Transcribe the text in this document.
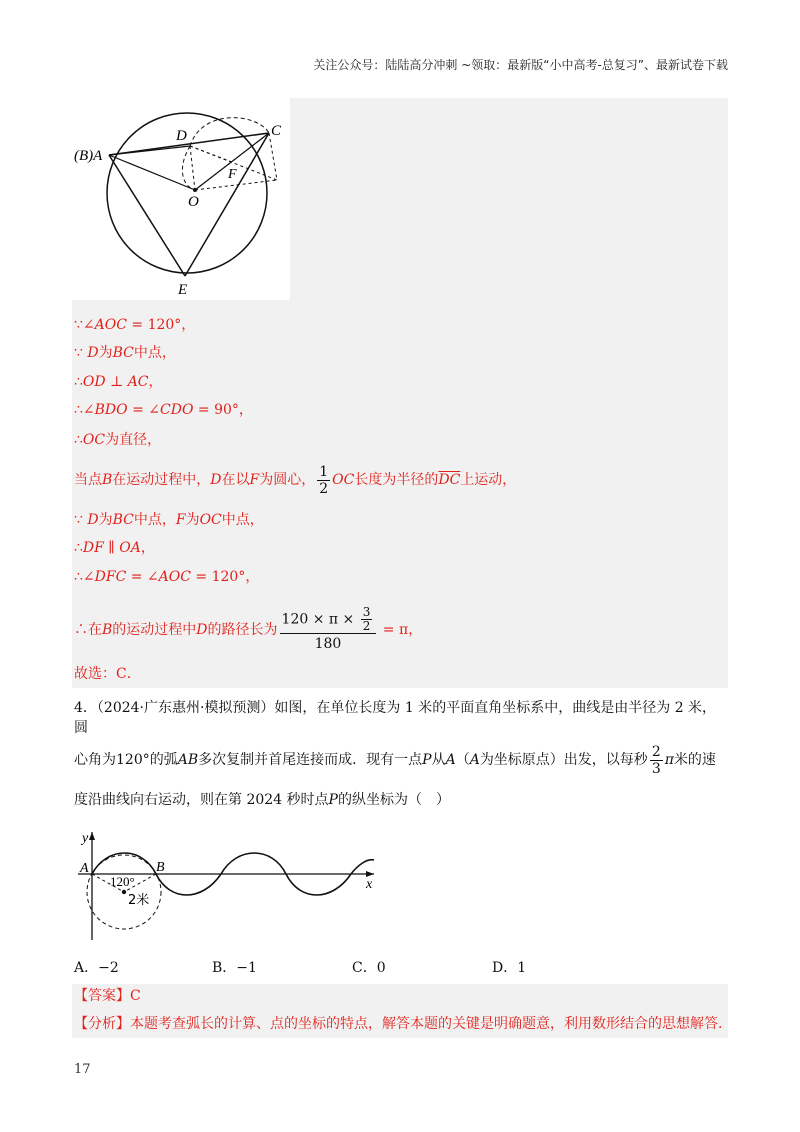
关注公众号：陆陆高分冲刺 ~领取：最新版“小中高考-总复习”、最新试卷下载
(B)A
D	C
F
O
E
∵∠AOC = 120°，
∵ D为BC中点，
∴OD ⊥ AC，
∴∠BDO = ∠CDO = 90°，
∴OC为直径，
当点B在运动过程中，D在以F为圆心， $\frac{1}{2}$ OC长度为半径的$\overline{DC}$上运动，
∵ D为BC中点，F为OC中点，
∴DF ∥ OA，
∴∠DFC = ∠AOC = 120°，
∴在B的运动过程中D的路径长为 $\frac{120 \times \pi \times \frac{3}{2}}{180} = \pi$，
故选：C．
4．（2024·广东惠州·模拟预测）如图，在单位长度为 1 米的平面直角坐标系中，曲线是由半径为 2 米，圆
心角为120°的弧AB多次复制并首尾连接而成．现有一点P从A（A为坐标原点）出发，以每秒 $\frac{2}{3}$ π米的速
度沿曲线向右运动，则在第 2024 秒时点P的纵坐标为（　）
y
A	B
x
120°
2米
A．−2	B．−1	C．0	D．1
【答案】C
【分析】本题考查弧长的计算、点的坐标的特点，解答本题的关键是明确题意，利用数形结合的思想解答.
17
